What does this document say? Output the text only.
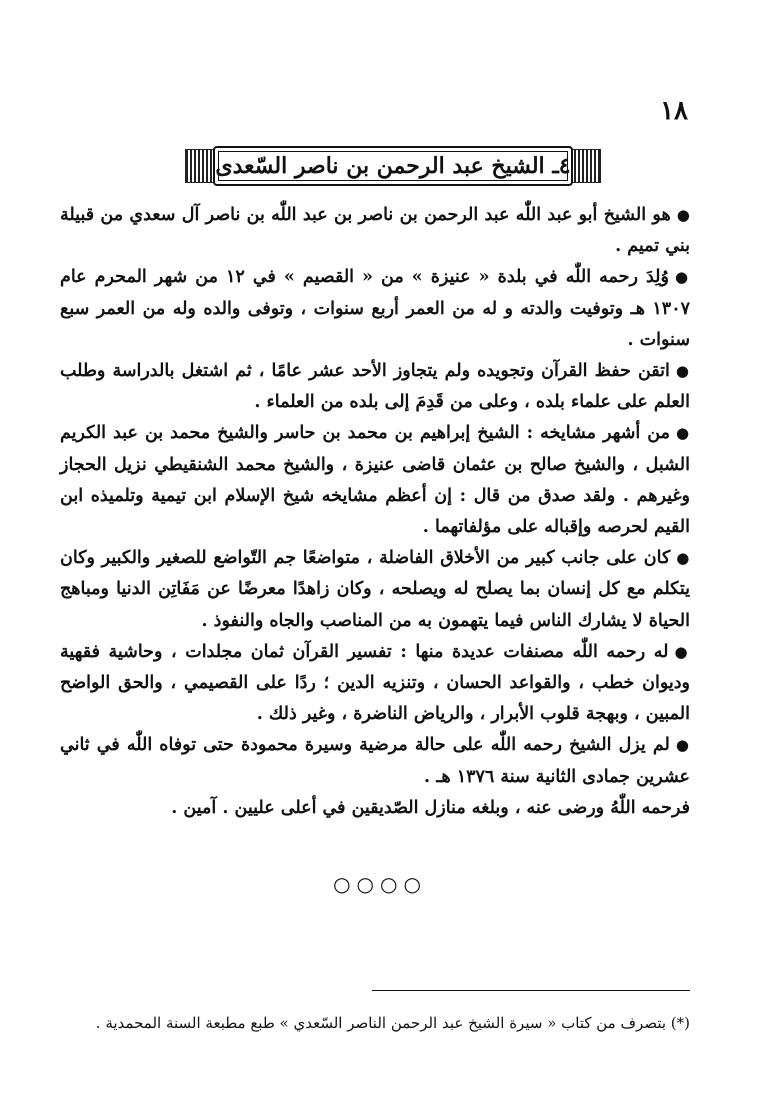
١٨
٤ـ الشيخ عبد الرحمن بن ناصر السّعدى

●هو الشيخ أبو عبد اللّٰه عبد الرحمن بن ناصر بن عبد اللّٰه بن ناصر آل سعدي من قبيلة بني تميم .

●وُلِدَ رحمه اللّٰه في بلدة « عنيزة » من « القصيم » في ١٢ من شهر المحرم عام ١٣٠٧ هـ وتوفيت والدته و له من العمر أربع سنوات ، وتوفى والده وله من العمر سبع سنوات .

●اتقن حفظ القرآن وتجويده ولم يتجاوز الأحد عشر عامًا ، ثم اشتغل بالدراسة وطلب العلم على علماء بلده ، وعلى من قَدِمَ إلى بلده من العلماء .

●من أشهر مشايخه : الشيخ إبراهيم بن محمد بن حاسر والشيخ محمد بن عبد الكريم الشبل ، والشيخ صالح بن عثمان قاضى عنيزة ، والشيخ محمد الشنقيطي نزيل الحجاز وغيرهم . ولقد صدق من قال : إن أعظم مشايخه شيخ الإسلام ابن تيمية وتلميذه ابن القيم لحرصه وإقباله على مؤلفاتهما .

●كان على جانب كبير من الأخلاق الفاضلة ، متواضعًا جم التّواضع للصغير والكبير وكان يتكلم مع كل إنسان بما يصلح له ويصلحه ، وكان زاهدًا معرضًا عن مَفَاتِن الدنيا ومباهج الحياة لا يشارك الناس فيما يتهمون به من المناصب والجاه والنفوذ .

●له رحمه اللّٰه مصنفات عديدة منها : تفسير القرآن ثمان مجلدات ، وحاشية فقهية وديوان خطب ، والقواعد الحسان ، وتنزيه الدين ؛ ردًا على القصيمي ، والحق الواضح المبين ، وبهجة قلوب الأبرار ، والرياض الناضرة ، وغير ذلك .

●لم يزل الشيخ رحمه اللّٰه على حالة مرضية وسيرة محمودة حتى توفاه اللّٰه في ثاني عشرين جمادى الثانية سنة ١٣٧٦ هـ .

فرحمه اللّٰهُ ورضى عنه ، وبلغه منازل الصّديقين في أعلى عليين . آمين .

○○○○
(*) بتصرف من كتاب « سيرة الشيخ عبد الرحمن الناصر السّعدي » طبع مطبعة السنة المحمدية .
